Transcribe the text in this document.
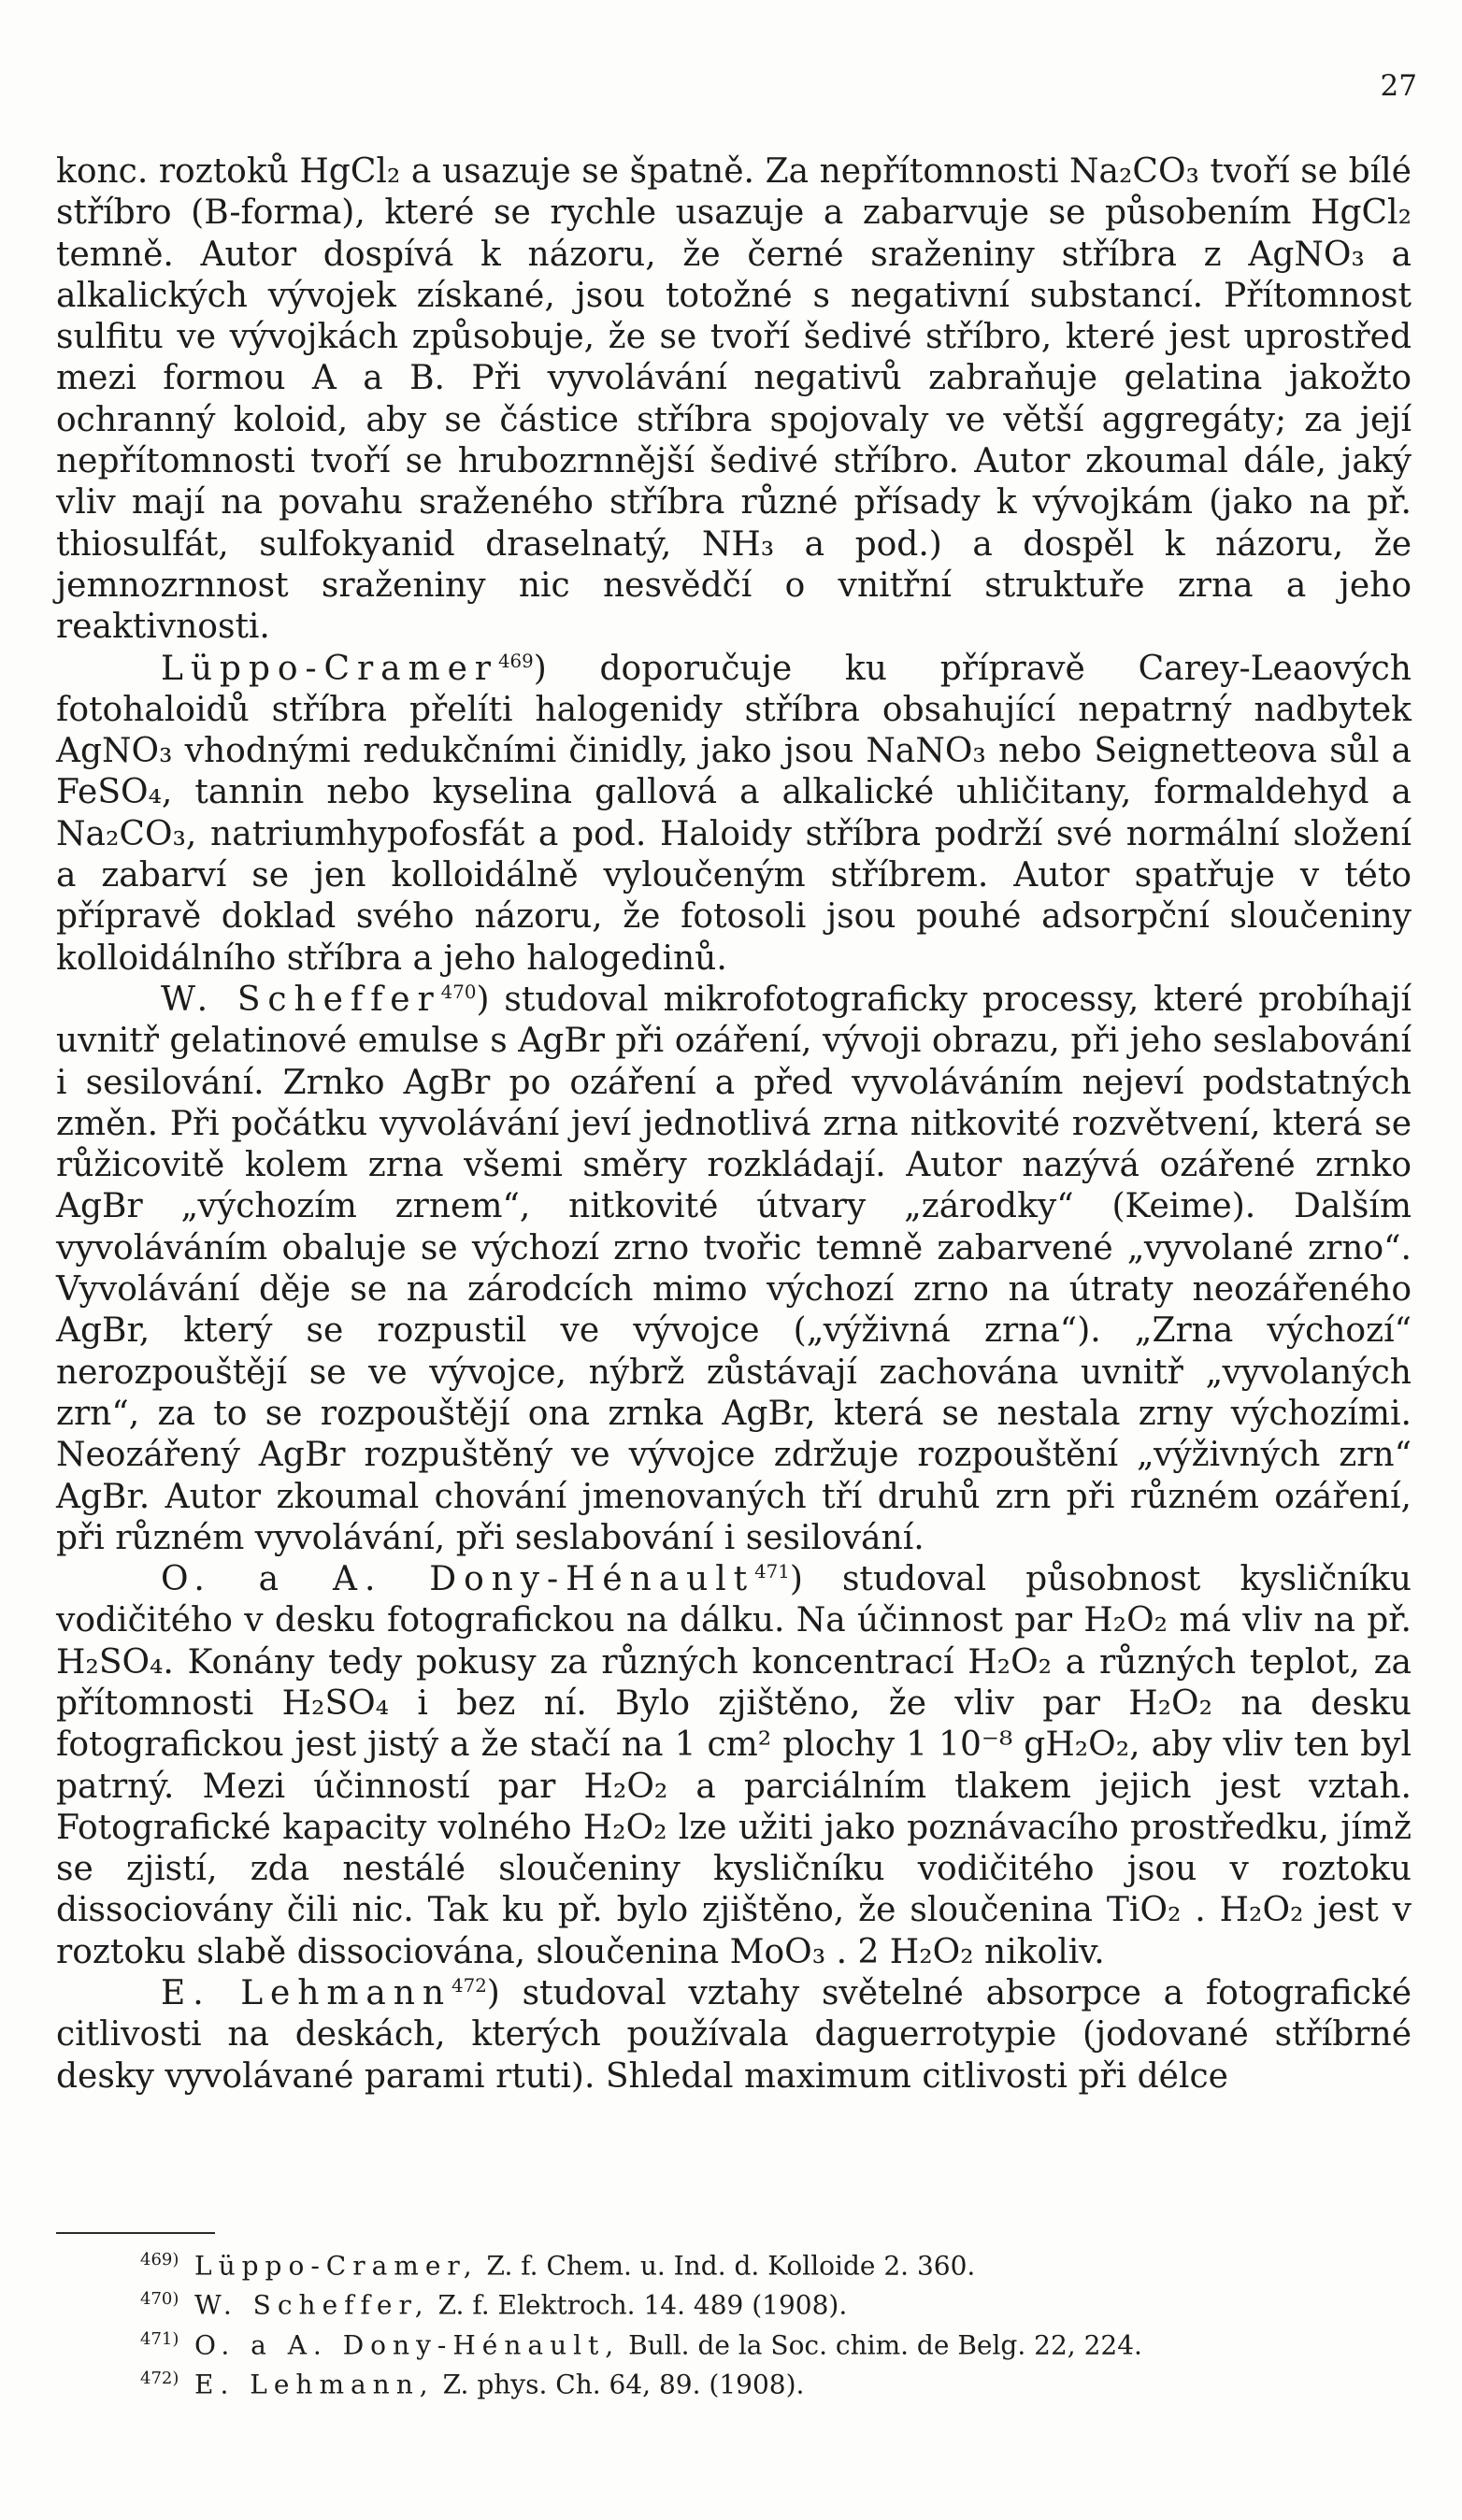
27

konc. roztoků HgCl₂ a usazuje se špatně. Za nepřítomnosti Na₂CO₃ tvoří se bílé stříbro (B-forma), které se rychle usazuje a zabarvuje se působením HgCl₂ temně. Autor dospívá k názoru, že černé sraženiny stříbra z AgNO₃ a alkalických vývojek získané, jsou totožné s negativní substancí. Přítomnost sulfitu ve vývojkách způsobuje, že se tvoří šedivé stříbro, které jest uprostřed mezi formou A a B. Při vyvolávání negativů zabraňuje gelatina jakožto ochranný koloid, aby se částice stříbra spojovaly ve větší aggregáty; za její nepřítomnosti tvoří se hrubozrnnější šedivé stříbro. Autor zkoumal dále, jaký vliv mají na povahu sraženého stříbra různé přísady k vývojkám (jako na př. thiosulfát, sulfokyanid draselnatý, NH₃ a pod.) a dospěl k názoru, že jemnozrnnost sraženiny nic nesvědčí o vnitřní struktuře zrna a jeho reaktivnosti.

Lüppo-Cramer$^{469}$) doporučuje ku přípravě Carey-Leaových fotohaloidů stříbra přelíti halogenidy stříbra obsahující nepatrný nadbytek AgNO₃ vhodnými redukčními činidly, jako jsou NaNO₃ nebo Seignetteova sůl a FeSO₄, tannin nebo kyselina gallová a alkalické uhličitany, formaldehyd a Na₂CO₃, natriumhypofosfát a pod. Haloidy stříbra podrží své normální složení a zabarví se jen kolloidálně vyloučeným stříbrem. Autor spatřuje v této přípravě doklad svého názoru, že fotosoli jsou pouhé adsorpční sloučeniny kolloidálního stříbra a jeho halogedinů.

W. Scheffer$^{470}$) studoval mikrofotograficky processy, které probíhají uvnitř gelatinové emulse s AgBr při ozáření, vývoji obrazu, při jeho seslabování i sesilování. Zrnko AgBr po ozáření a před vyvoláváním nejeví podstatných změn. Při počátku vyvolávání jeví jednotlivá zrna nitkovité rozvětvení, která se růžicovitě kolem zrna všemi směry rozkládají. Autor nazývá ozářené zrnko AgBr „výchozím zrnem“, nitkovité útvary „zárodky“ (Keime). Dalším vyvoláváním obaluje se výchozí zrno tvořic temně zabarvené „vyvolané zrno“. Vyvolávání děje se na zárodcích mimo výchozí zrno na útraty neozářeného AgBr, který se rozpustil ve vývojce („výživná zrna“). „Zrna výchozí“ nerozpouštějí se ve vývojce, nýbrž zůstávají zachována uvnitř „vyvolaných zrn“, za to se rozpouštějí ona zrnka AgBr, která se nestala zrny výchozími. Neozářený AgBr rozpuštěný ve vývojce zdržuje rozpouštění „výživných zrn“ AgBr. Autor zkoumal chování jmenovaných tří druhů zrn při různém ozáření, při různém vyvolávání, při seslabování i sesilování.

O. a A. Dony-Hénault$^{471}$) studoval působnost kysličníku vodičitého v desku fotografickou na dálku. Na účinnost par H₂O₂ má vliv na př. H₂SO₄. Konány tedy pokusy za různých koncentrací H₂O₂ a různých teplot, za přítomnosti H₂SO₄ i bez ní. Bylo zjištěno, že vliv par H₂O₂ na desku fotografickou jest jistý a že stačí na 1 cm² plochy 1 10⁻⁸ gH₂O₂, aby vliv ten byl patrný. Mezi účinností par H₂O₂ a parciálním tlakem jejich jest vztah. Fotografické kapacity volného H₂O₂ lze užiti jako poznávacího prostředku, jímž se zjistí, zda nestálé sloučeniny kysličníku vodičitého jsou v roztoku dissociovány čili nic. Tak ku př. bylo zjištěno, že sloučenina TiO₂ . H₂O₂ jest v roztoku slabě dissociována, sloučenina MoO₃ . 2 H₂O₂ nikoliv.

E. Lehmann$^{472}$) studoval vztahy světelné absorpce a fotografické citlivosti na deskách, kterých používala daguerrotypie (jodované stříbrné desky vyvolávané parami rtuti). Shledal maximum citlivosti při délce

469) Lüppo-Cramer, Z. f. Chem. u. Ind. d. Kolloide 2. 360.
470) W. Scheffer, Z. f. Elektroch. 14. 489 (1908).
471) O. a A. Dony-Hénault, Bull. de la Soc. chim. de Belg. 22, 224.
472) E. Lehmann, Z. phys. Ch. 64, 89. (1908).
